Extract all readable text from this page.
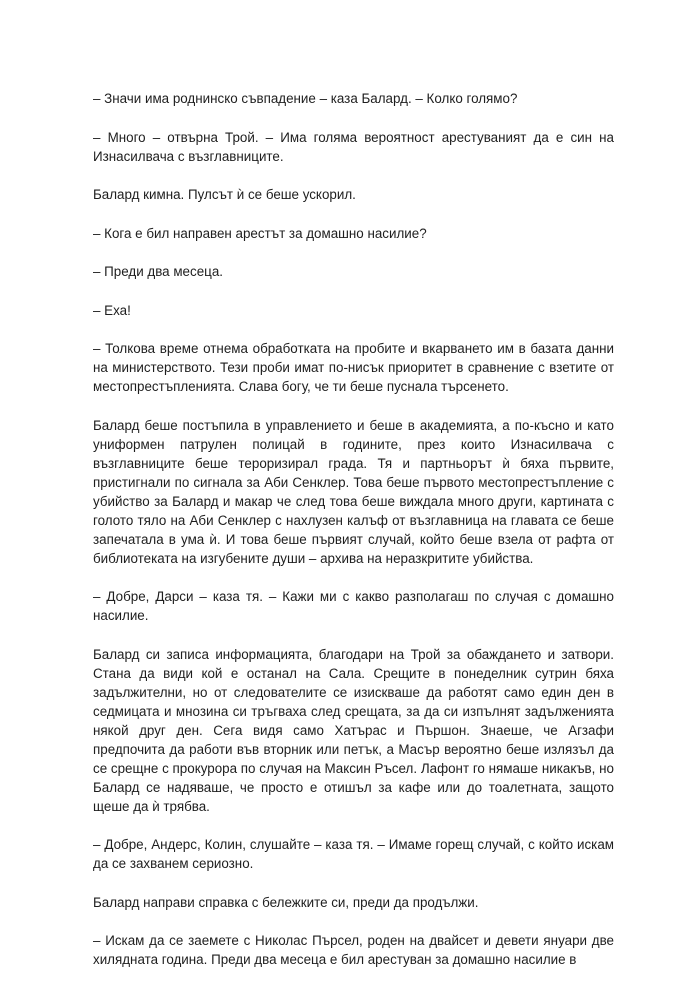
– Значи има роднинско съвпадение – каза Балард. – Колко голямо?

– Много – отвърна Трой. – Има голяма вероятност арестуваният да е син на Изнасилвача с възглавниците.

Балард кимна. Пулсът ѝ се беше ускорил.

– Кога е бил направен арестът за домашно насилие?

– Преди два месеца.

– Еха!

– Толкова време отнема обработката на пробите и вкарването им в базата данни на министерството. Тези проби имат по-нисък приоритет в сравнение с взетите от местопрестъпленията. Слава богу, че ти беше пуснала търсенето.

Балард беше постъпила в управлението и беше в академията, а по-късно и като униформен патрулен полицай в годините, през които Изнасилвача с възглавниците беше тероризирал града. Тя и партньорът ѝ бяха първите, пристигнали по сигнала за Аби Сенклер. Това беше първото местопрестъпление с убийство за Балард и макар че след това беше виждала много други, картината с голото тяло на Аби Сенклер с нахлузен калъф от възглавница на главата се беше запечатала в ума ѝ. И това беше първият случай, който беше взела от рафта от библиотеката на изгубените души – архива на неразкритите убийства.

– Добре, Дарси – каза тя. – Кажи ми с какво разполагаш по случая с домашно насилие.

Балард си записа информацията, благодари на Трой за обаждането и затвори. Стана да види кой е останал на Сала. Срещите в понеделник сутрин бяха задължителни, но от следователите се изискваше да работят само един ден в седмицата и мнозина си тръгваха след срещата, за да си изпълнят задълженията някой друг ден. Сега видя само Хатърас и Пършон. Знаеше, че Агзафи предпочита да работи във вторник или петък, а Масър вероятно беше излязъл да се срещне с прокурора по случая на Максин Ръсел. Лафонт го нямаше никакъв, но Балард се надяваше, че просто е отишъл за кафе или до тоалетната, защото щеше да ѝ трябва.

– Добре, Андерс, Колин, слушайте – каза тя. – Имаме горещ случай, с който искам да се захванем сериозно.

Балард направи справка с бележките си, преди да продължи.

– Искам да се заемете с Николас Пърсел, роден на двайсет и девети януари две хилядната година. Преди два месеца е бил арестуван за домашно насилие в
